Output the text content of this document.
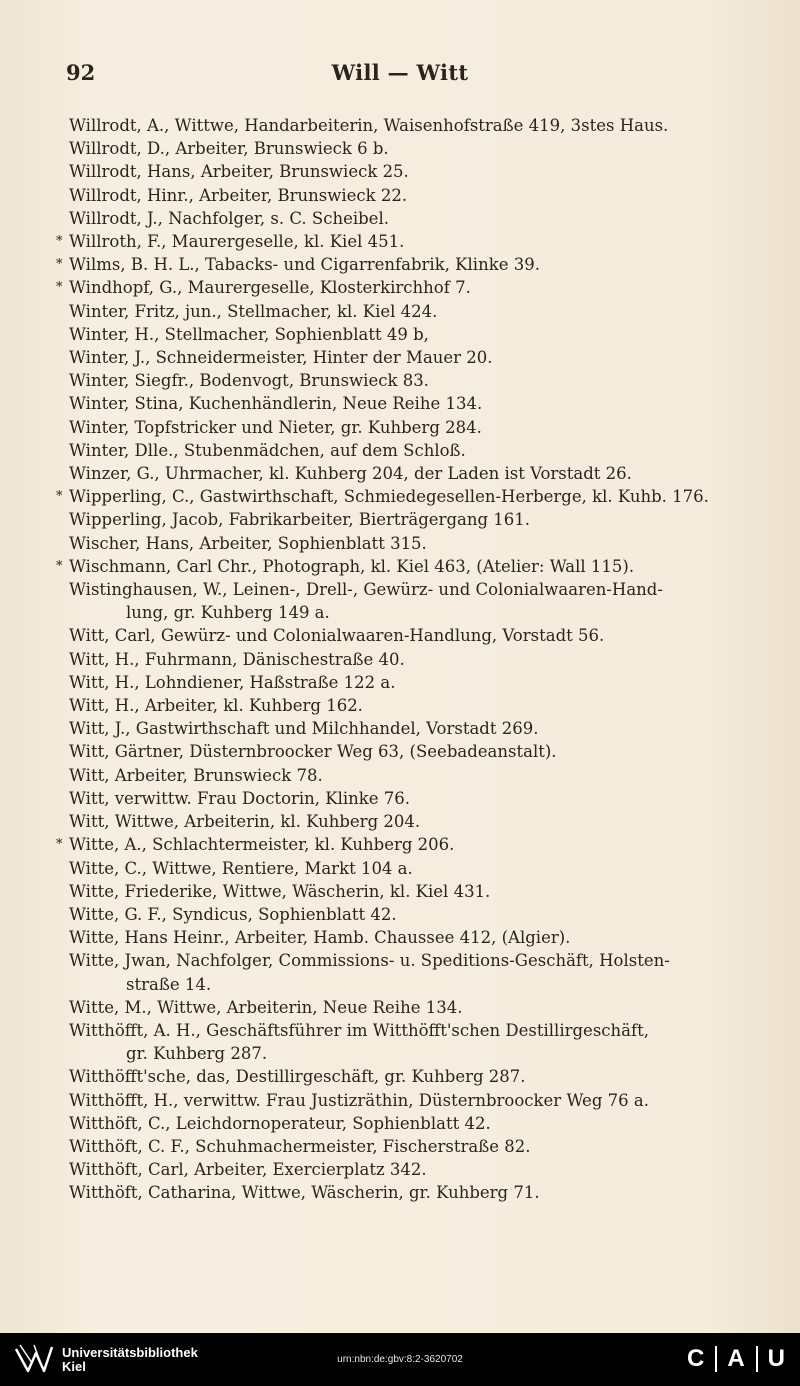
92	Will — Witt
Willrodt, A., Wittwe, Handarbeiterin, Waisenhofstraße 419, 3stes Haus.
Willrodt, D., Arbeiter, Brunswieck 6 b.
Willrodt, Hans, Arbeiter, Brunswieck 25.
Willrodt, Hinr., Arbeiter, Brunswieck 22.
Willrodt, J., Nachfolger, s. C. Scheibel.
* Willroth, F., Maurergeselle, kl. Kiel 451.
* Wilms, B. H. L., Tabacks- und Cigarrenfabrik, Klinke 39.
* Windhopf, G., Maurergeselle, Klosterkirchhof 7.
Winter, Fritz, jun., Stellmacher, kl. Kiel 424.
Winter, H., Stellmacher, Sophienblatt 49 b,
Winter, J., Schneidermeister, Hinter der Mauer 20.
Winter, Siegfr., Bodenvogt, Brunswieck 83.
Winter, Stina, Kuchenhändlerin, Neue Reihe 134.
Winter, Topfstricker und Nieter, gr. Kuhberg 284.
Winter, Dlle., Stubenmädchen, auf dem Schloß.
Winzer, G., Uhrmacher, kl. Kuhberg 204, der Laden ist Vorstadt 26.
* Wipperling, C., Gastwirthschaft, Schmiedegesellen-Herberge, kl. Kuhb. 176.
Wipperling, Jacob, Fabrikarbeiter, Bierträgergang 161.
Wischer, Hans, Arbeiter, Sophienblatt 315.
* Wischmann, Carl Chr., Photograph, kl. Kiel 463, (Atelier: Wall 115).
Wistinghausen, W., Leinen-, Drell-, Gewürz- und Colonialwaaren-Hand-
lung, gr. Kuhberg 149 a.
Witt, Carl, Gewürz- und Colonialwaaren-Handlung, Vorstadt 56.
Witt, H., Fuhrmann, Dänischestraße 40.
Witt, H., Lohndiener, Haßstraße 122 a.
Witt, H., Arbeiter, kl. Kuhberg 162.
Witt, J., Gastwirthschaft und Milchhandel, Vorstadt 269.
Witt, Gärtner, Düsternbroocker Weg 63, (Seebadeanstalt).
Witt, Arbeiter, Brunswieck 78.
Witt, verwittw. Frau Doctorin, Klinke 76.
Witt, Wittwe, Arbeiterin, kl. Kuhberg 204.
* Witte, A., Schlachtermeister, kl. Kuhberg 206.
Witte, C., Wittwe, Rentiere, Markt 104 a.
Witte, Friederike, Wittwe, Wäscherin, kl. Kiel 431.
Witte, G. F., Syndicus, Sophienblatt 42.
Witte, Hans Heinr., Arbeiter, Hamb. Chaussee 412, (Algier).
Witte, Jwan, Nachfolger, Commissions- u. Speditions-Geschäft, Holsten-
straße 14.
Witte, M., Wittwe, Arbeiterin, Neue Reihe 134.
Witthöfft, A. H., Geschäftsführer im Witthöfft'schen Destillirgeschäft,
gr. Kuhberg 287.
Witthöfft'sche, das, Destillirgeschäft, gr. Kuhberg 287.
Witthöfft, H., verwittw. Frau Justizräthin, Düsternbroocker Weg 76 a.
Witthöft, C., Leichdornoperateur, Sophienblatt 42.
Witthöft, C. F., Schuhmachermeister, Fischerstraße 82.
Witthöft, Carl, Arbeiter, Exercierplatz 342.
Witthöft, Catharina, Wittwe, Wäscherin, gr. Kuhberg 71.
Universitätsbibliothek
Kiel	urn:nbn:de:gbv:8:2-3620702	C A U
